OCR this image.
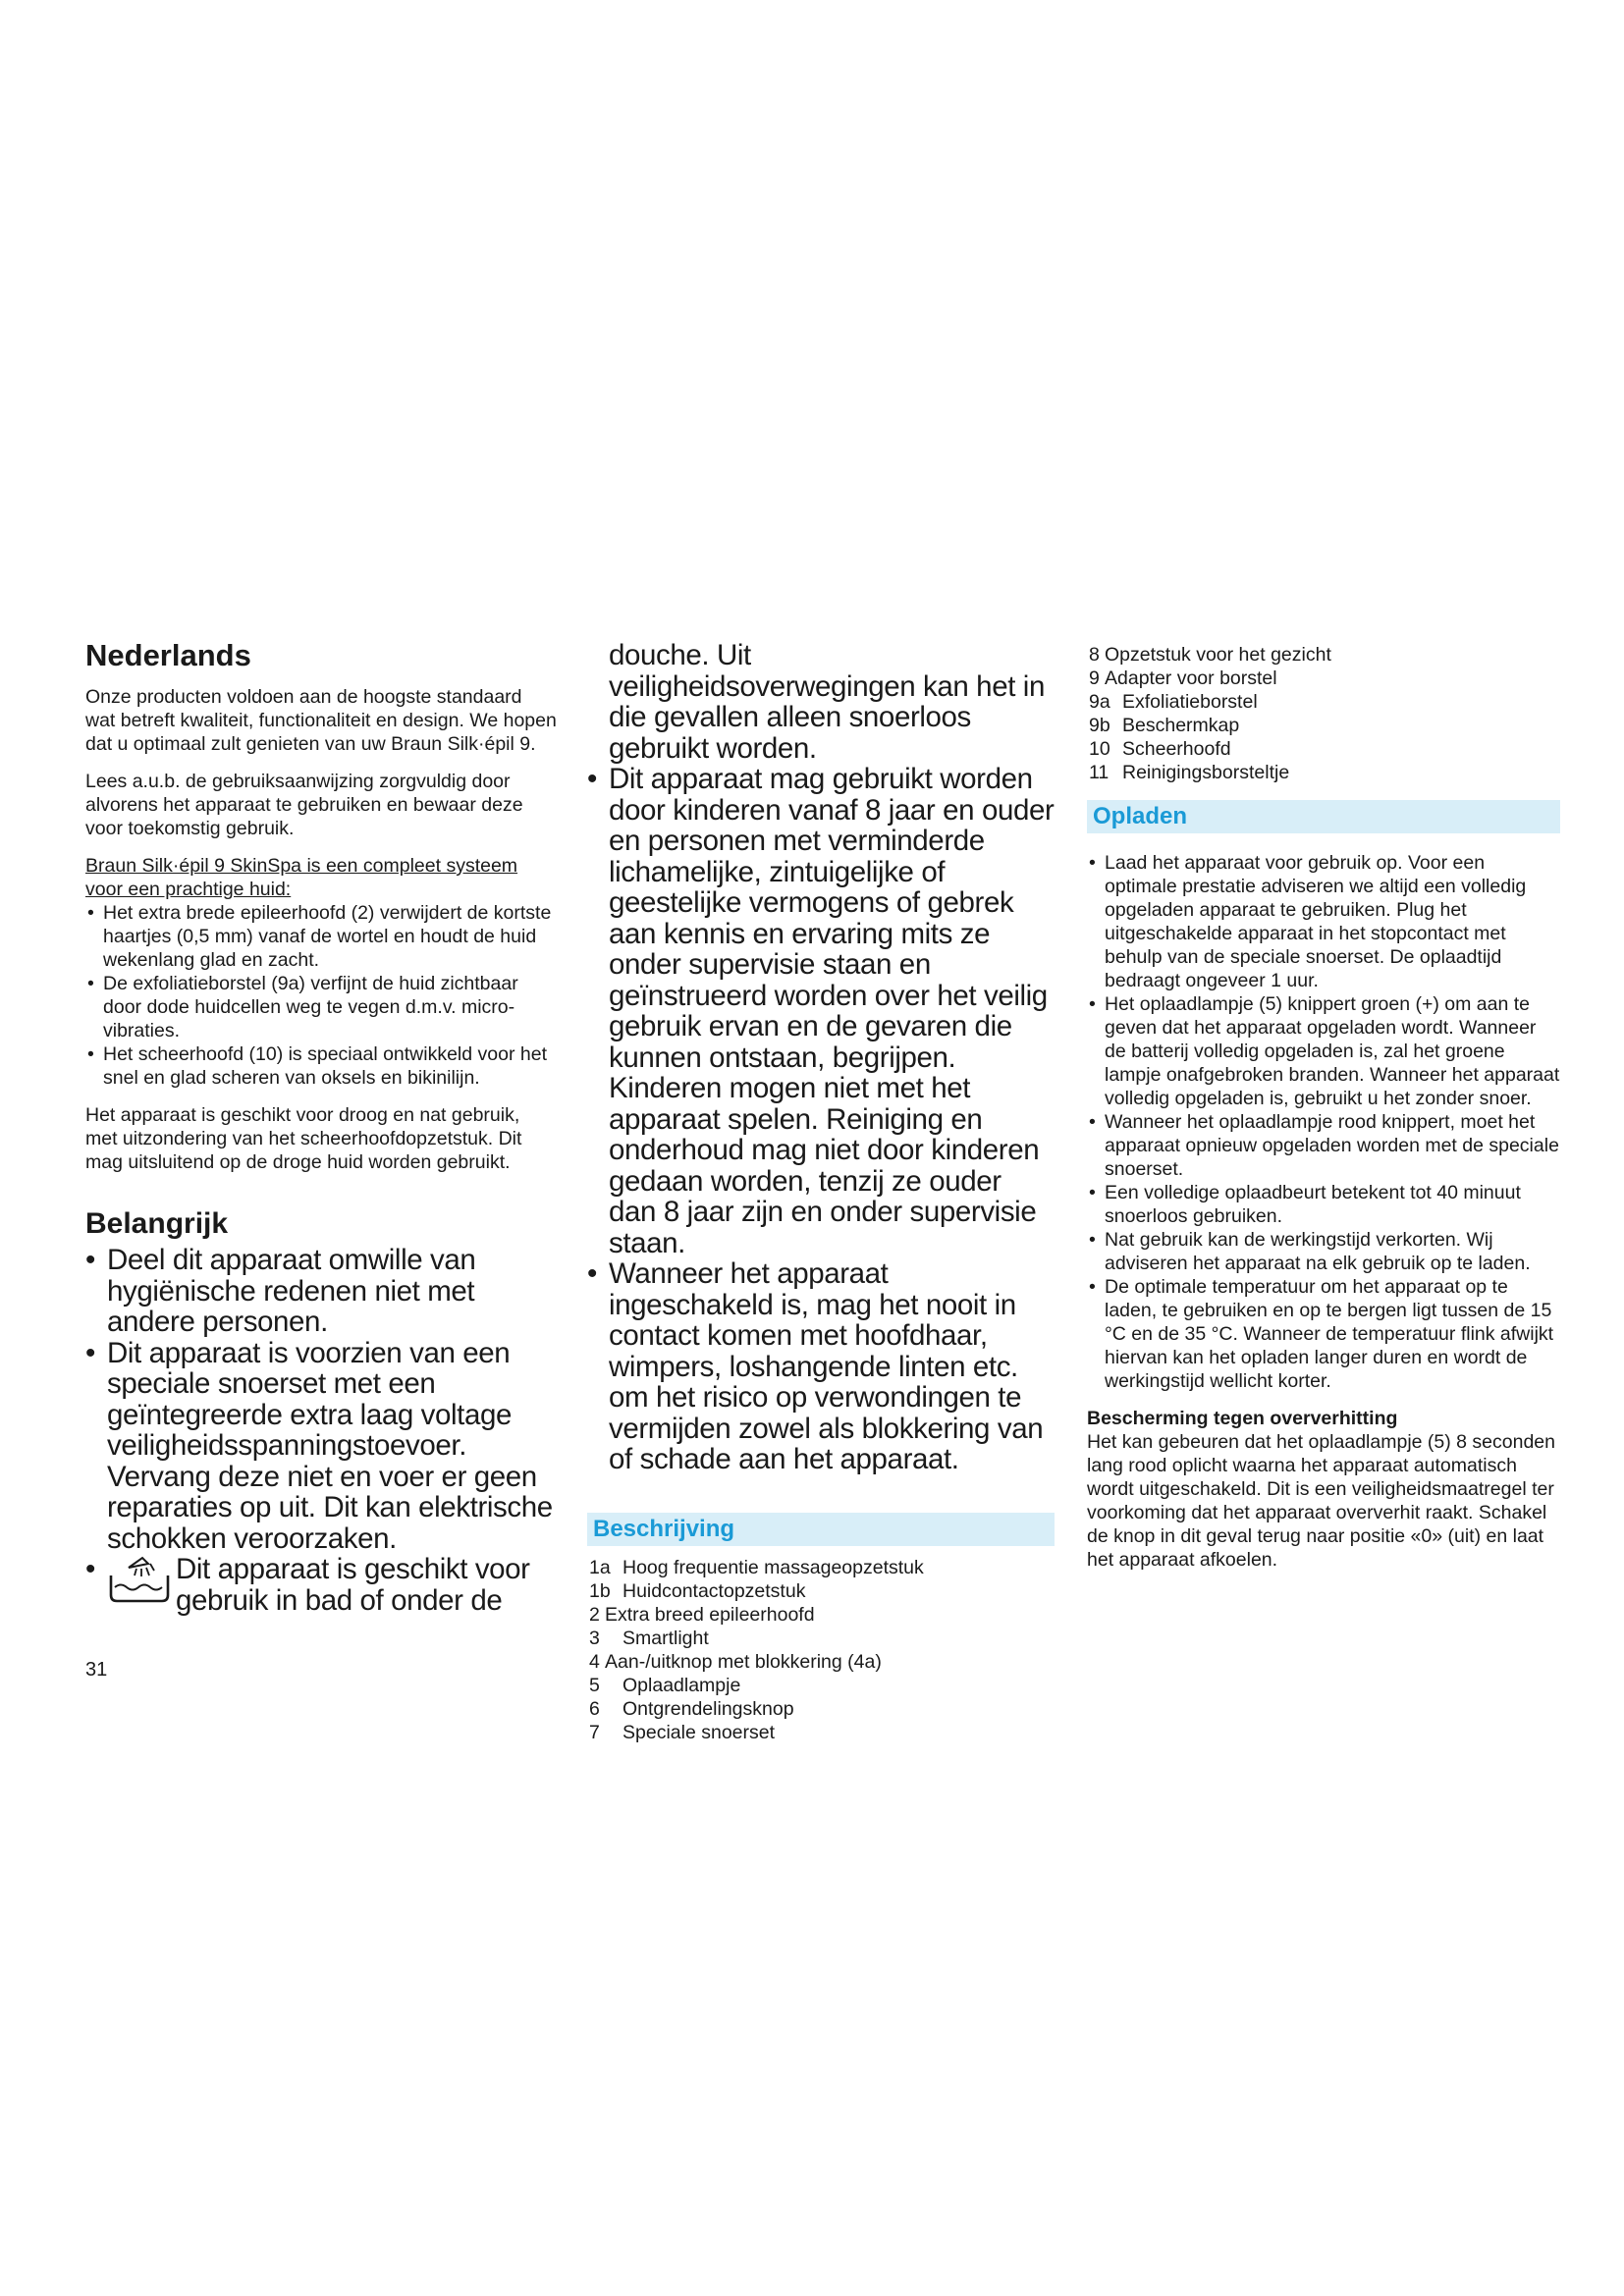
Nederlands

Onze producten voldoen aan de hoogste standaard wat betreft kwaliteit, functionaliteit en design. We hopen dat u optimaal zult genieten van uw Braun Silk·épil 9.

Lees a.u.b. de gebruiksaanwijzing zorgvuldig door alvorens het apparaat te gebruiken en bewaar deze voor toekomstig gebruik.

Braun Silk·épil 9 SkinSpa is een compleet systeem voor een prachtige huid:

• Het extra brede epileerhoofd (2) verwijdert de kortste haartjes (0,5 mm) vanaf de wortel en houdt de huid wekenlang glad en zacht.
• De exfoliatieborstel (9a) verfijnt de huid zichtbaar door dode huidcellen weg te vegen d.m.v. micro-vibraties.
• Het scheerhoofd (10) is speciaal ontwikkeld voor het snel en glad scheren van oksels en bikinilijn.

Het apparaat is geschikt voor droog en nat gebruik, met uitzondering van het scheerhoofdopzetstuk. Dit mag uitsluitend op de droge huid worden gebruikt.

Belangrijk
• Deel dit apparaat omwille van hygiënische redenen niet met andere personen.
• Dit apparaat is voorzien van een speciale snoerset met een geïntegreerde extra laag voltage veiligheidsspanningstoevoer. Vervang deze niet en voer er geen reparaties op uit. Dit kan elektrische schokken veroorzaken.
• Dit apparaat is geschikt voor gebruik in bad of onder de
31

douche. Uit veiligheidsoverwegingen kan het in die gevallen alleen snoerloos gebruikt worden.

• Dit apparaat mag gebruikt worden door kinderen vanaf 8 jaar en ouder en personen met verminderde lichamelijke, zintuigelijke of geestelijke vermogens of gebrek aan kennis en ervaring mits ze onder supervisie staan en geïnstrueerd worden over het veilig gebruik ervan en de gevaren die kunnen ontstaan, begrijpen. Kinderen mogen niet met het apparaat spelen. Reiniging en onderhoud mag niet door kinderen gedaan worden, tenzij ze ouder dan 8 jaar zijn en onder supervisie staan.
• Wanneer het apparaat ingeschakeld is, mag het nooit in contact komen met hoofdhaar, wimpers, loshangende linten etc. om het risico op verwondingen te vermijden zowel als blokkering van of schade aan het apparaat.
Beschrijving
1a Hoog frequentie massageopzetstuk
1b Huidcontactopzetstuk
2 Extra breed epileerhoofd
3	Smartlight
4 Aan-/uitknop met blokkering (4a)
5	Oplaadlampje
6	Ontgrendelingsknop
7	Speciale snoerset
8 Opzetstuk voor het gezicht
9 Adapter voor borstel
9a Exfoliatieborstel
9b Beschermkap
10 Scheerhoofd
11 Reinigingsborsteltje
Opladen
• Laad het apparaat voor gebruik op. Voor een optimale prestatie adviseren we altijd een volledig opgeladen apparaat te gebruiken. Plug het uitgeschakelde apparaat in het stopcontact met behulp van de speciale snoerset. De oplaadtijd bedraagt ongeveer 1 uur.
• Het oplaadlampje (5) knippert groen (+) om aan te geven dat het apparaat opgeladen wordt. Wanneer de batterij volledig opgeladen is, zal het groene lampje onafgebroken branden. Wanneer het apparaat volledig opgeladen is, gebruikt u het zonder snoer.
• Wanneer het oplaadlampje rood knippert, moet het apparaat opnieuw opgeladen worden met de speciale snoerset.
• Een volledige oplaadbeurt betekent tot 40 minuut snoerloos gebruiken.
• Nat gebruik kan de werkingstijd verkorten. Wij adviseren het apparaat na elk gebruik op te laden.
• De optimale temperatuur om het apparaat op te laden, te gebruiken en op te bergen ligt tussen de 15 °C en de 35 °C. Wanneer de temperatuur flink afwijkt hiervan kan het opladen langer duren en wordt de werkingstijd wellicht korter.
Bescherming tegen oververhitting

Het kan gebeuren dat het oplaadlampje (5) 8 seconden lang rood oplicht waarna het apparaat automatisch wordt uitgeschakeld. Dit is een veiligheidsmaatregel ter voorkoming dat het apparaat oververhit raakt. Schakel de knop in dit geval terug naar positie «0» (uit) en laat het apparaat afkoelen.
